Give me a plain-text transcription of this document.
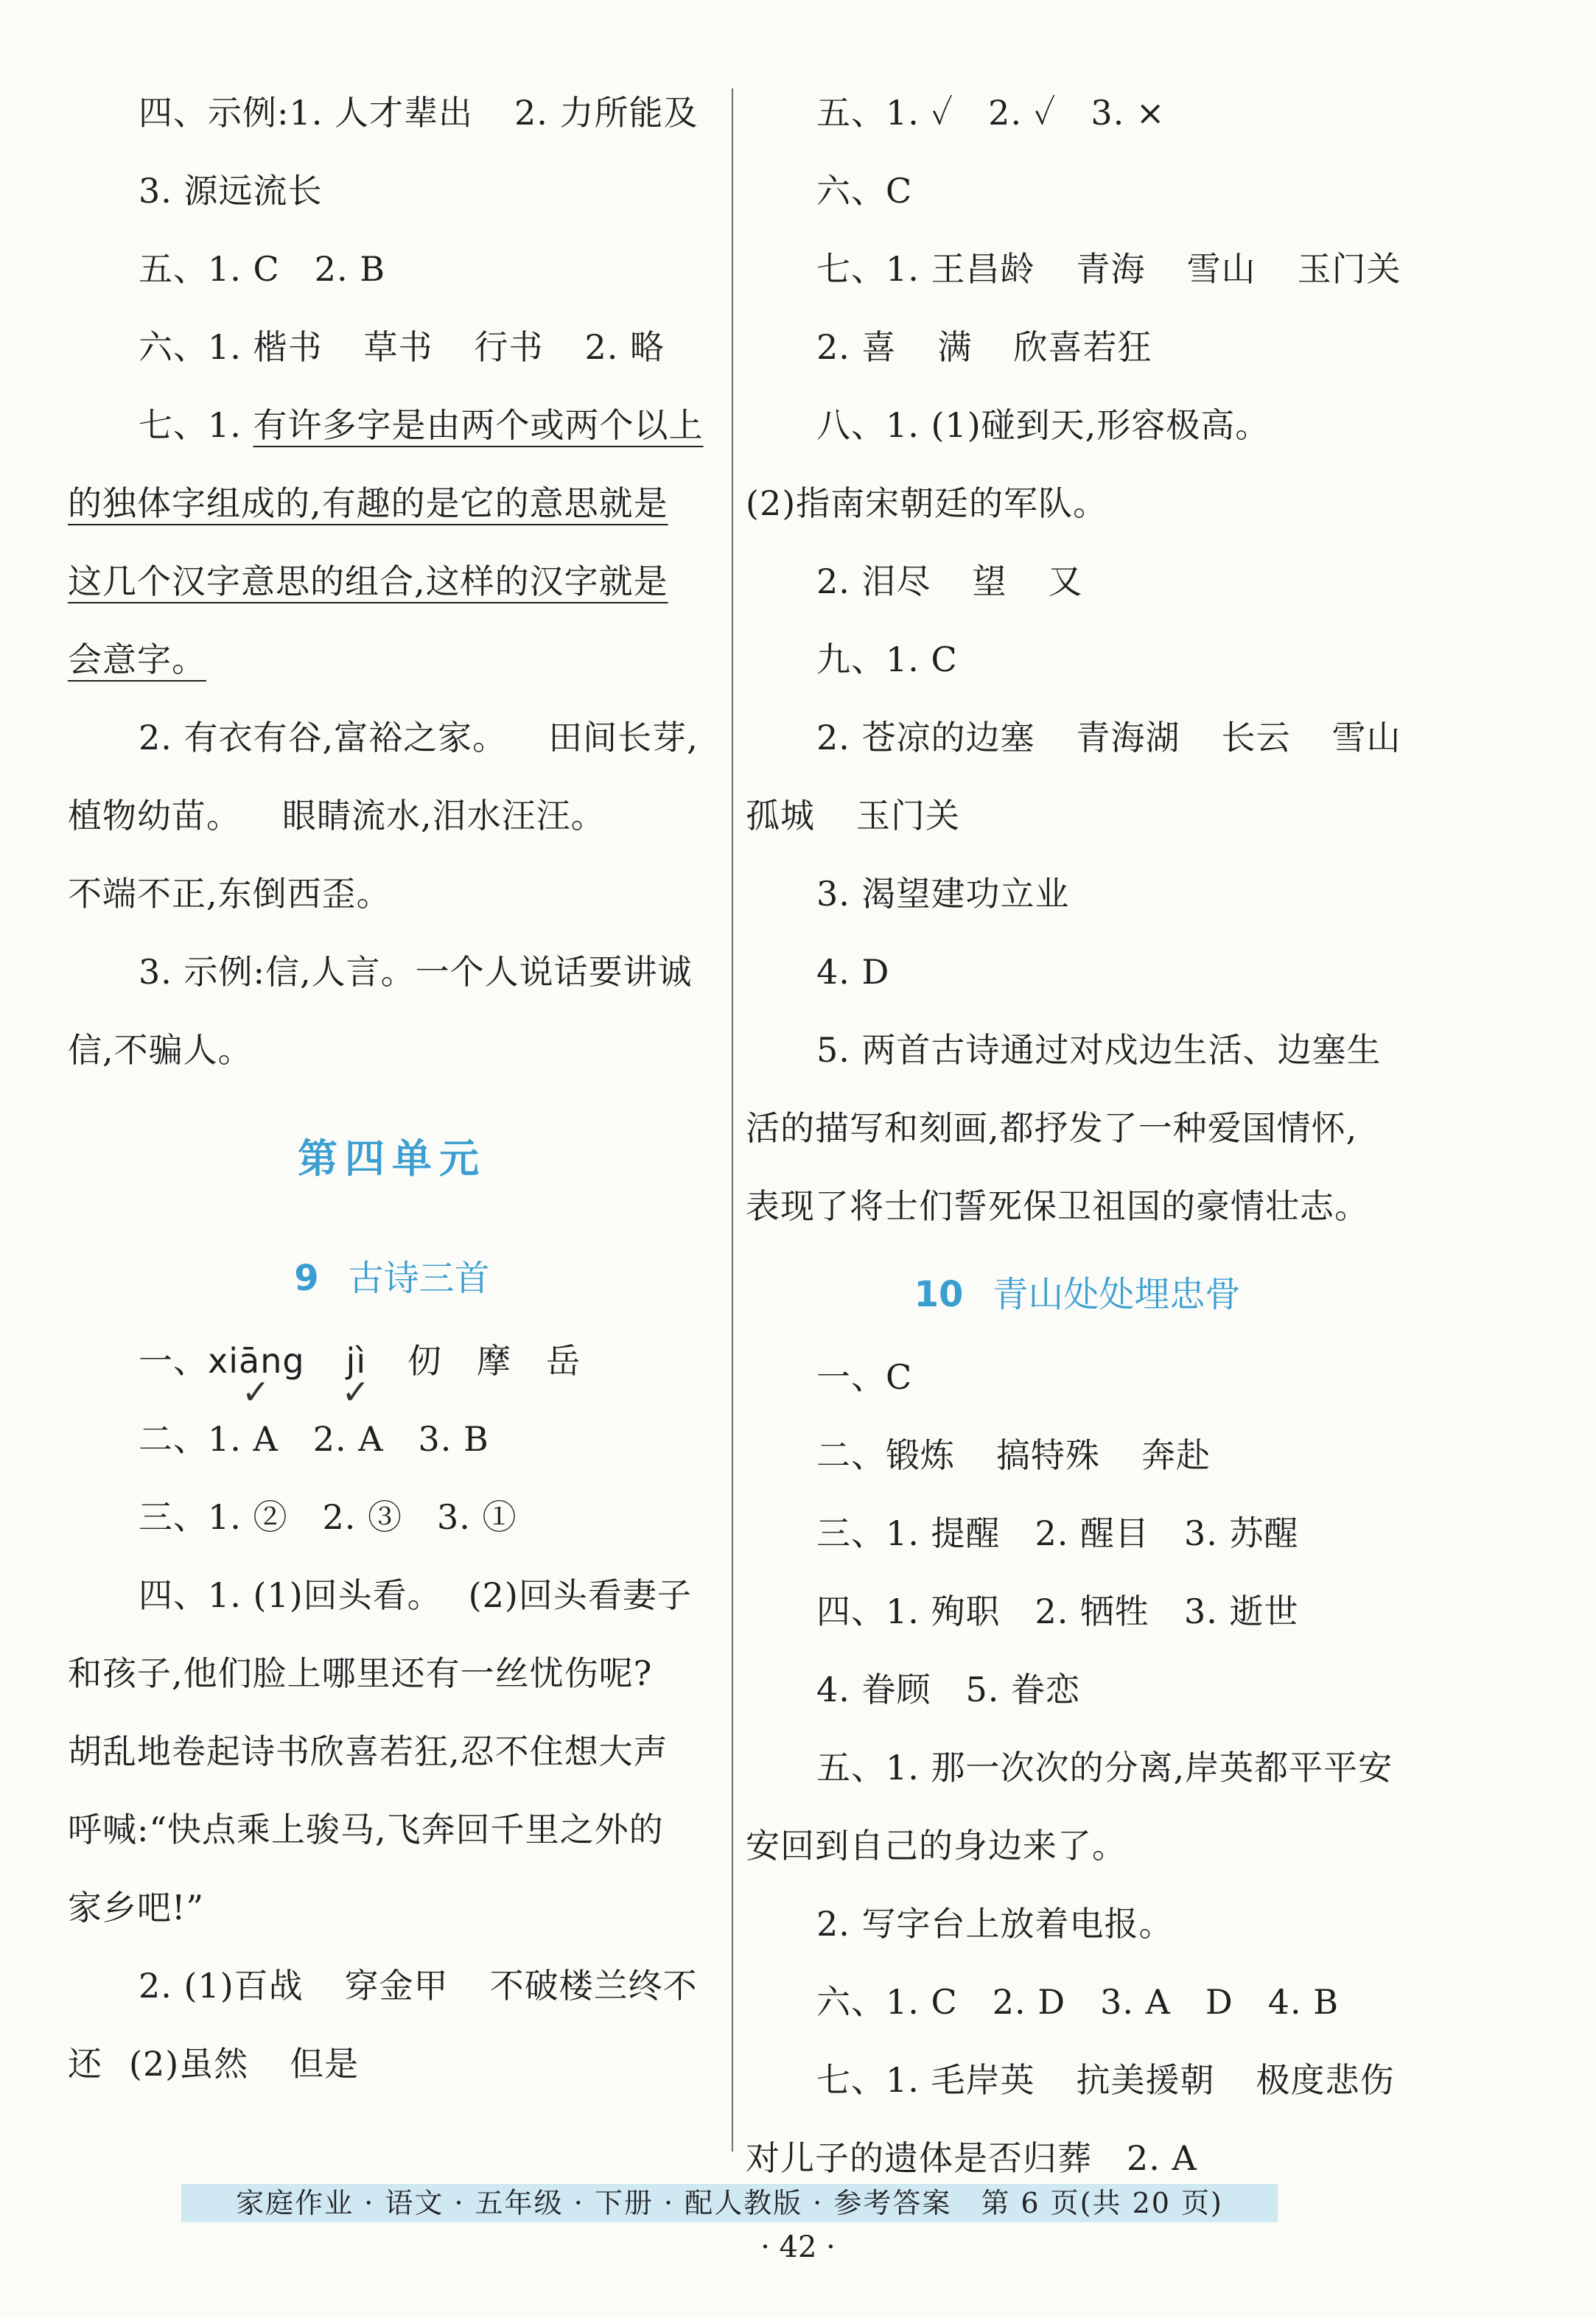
四、示例:1. 人才辈出 2. 力所能及
3. 源远流长
五、1. C　2. B
六、1. 楷书 草书 行书 2. 略
七、1. 有许多字是由两个或两个以上
的独体字组成的,有趣的是它的意思就是
这几个汉字意思的组合,这样的汉字就是
会意字。
2. 有衣有谷,富裕之家。 田间长芽,
植物幼苗。 眼睛流水,泪水汪汪。
不端不正,东倒西歪。
3. 示例:信,人言。一个人说话要讲诚
信,不骗人。
第四单元
9 古诗三首
一、xiāng
✓
jì
✓
仞　摩　岳
二、1. A　2. A　3. B
三、1. ②　2. ③　3. ①
四、1. (1)回头看。 (2)回头看妻子
和孩子,他们脸上哪里还有一丝忧伤呢?
胡乱地卷起诗书欣喜若狂,忍不住想大声
呼喊:“快点乘上骏马,飞奔回千里之外的
家乡吧!”
2. (1)百战 穿金甲 不破楼兰终不
还 (2)虽然 但是
五、1. ✓　2. ✓　3. ×
六、C
七、1. 王昌龄 青海 雪山 玉门关
2. 喜 满 欣喜若狂
八、1. (1)碰到天,形容极高。
(2)指南宋朝廷的军队。
2. 泪尽 望 又
九、1. C
2. 苍凉的边塞 青海湖 长云 雪山
孤城 玉门关
3. 渴望建功立业
4. D
5. 两首古诗通过对戍边生活、边塞生
活的描写和刻画,都抒发了一种爱国情怀,
表现了将士们誓死保卫祖国的豪情壮志。
10 青山处处埋忠骨
一、C
二、锻炼 搞特殊 奔赴
三、1. 提醒　2. 醒目　3. 苏醒
四、1. 殉职　2. 牺牲　3. 逝世
4. 眷顾　5. 眷恋
五、1. 那一次次的分离,岸英都平平安
安回到自己的身边来了。
2. 写字台上放着电报。
六、1. C　2. D　3. A　D　4. B
七、1. 毛岸英 抗美援朝 极度悲伤
对儿子的遗体是否归葬　2. A
家庭作业 · 语文 · 五年级 · 下册 · 配人教版 · 参考答案　第 6 页(共 20 页)
· 42 ·
